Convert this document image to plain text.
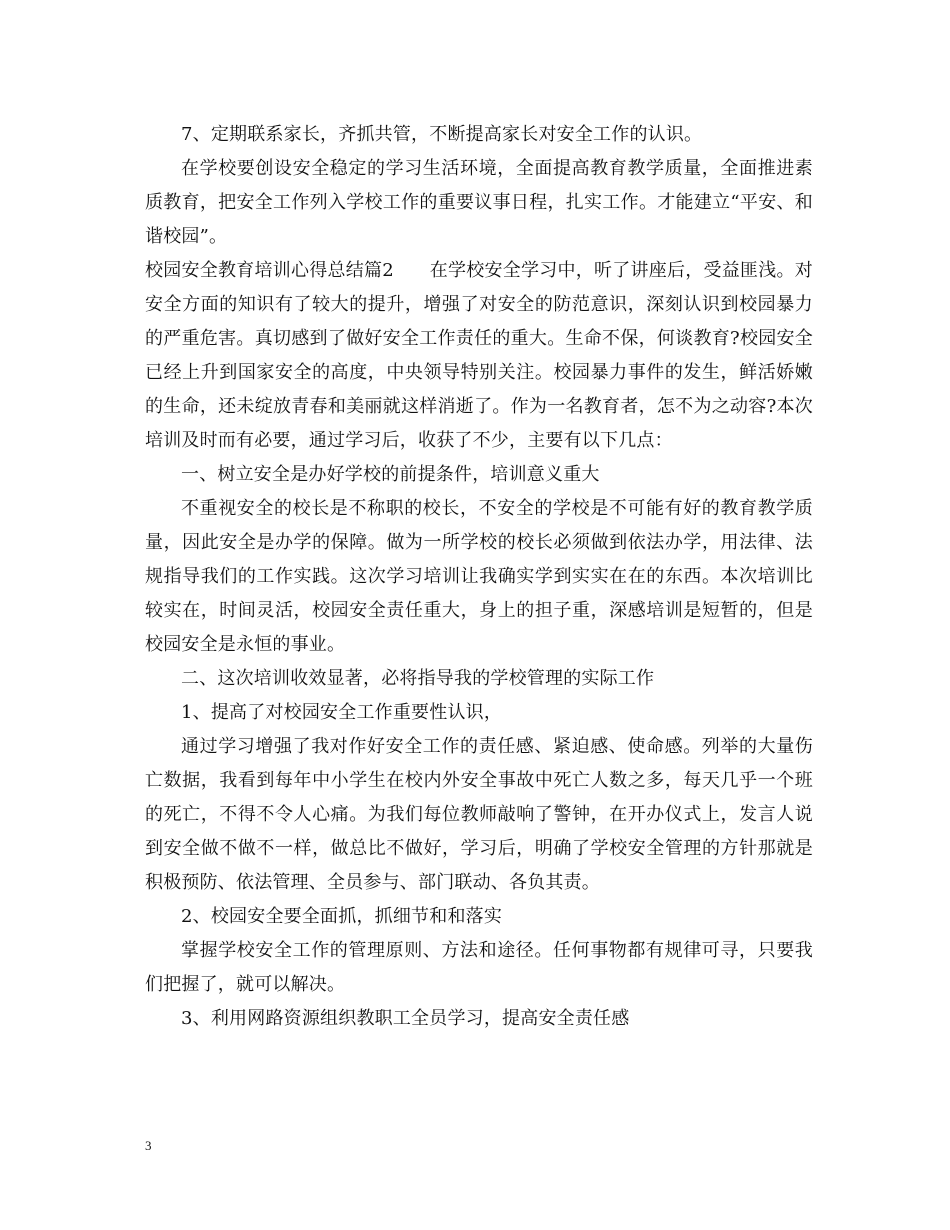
7、定期联系家长，齐抓共管，不断提高家长对安全工作的认识。

在学校要创设安全稳定的学习生活环境，全面提高教育教学质量，全面推进素质教育，把安全工作列入学校工作的重要议事日程，扎实工作。才能建立“平安、和谐校园”。

校园安全教育培训心得总结篇2 在学校安全学习中，听了讲座后，受益匪浅。对安全方面的知识有了较大的提升，增强了对安全的防范意识，深刻认识到校园暴力的严重危害。真切感到了做好安全工作责任的重大。生命不保，何谈教育?校园安全已经上升到国家安全的高度，中央领导特别关注。校园暴力事件的发生，鲜活娇嫩的生命，还未绽放青春和美丽就这样消逝了。作为一名教育者，怎不为之动容?本次培训及时而有必要，通过学习后，收获了不少，主要有以下几点：

一、树立安全是办好学校的前提条件，培训意义重大

不重视安全的校长是不称职的校长，不安全的学校是不可能有好的教育教学质量，因此安全是办学的保障。做为一所学校的校长必须做到依法办学，用法律、法规指导我们的工作实践。这次学习培训让我确实学到实实在在的东西。本次培训比较实在，时间灵活，校园安全责任重大，身上的担子重，深感培训是短暂的，但是校园安全是永恒的事业。

二、这次培训收效显著，必将指导我的学校管理的实际工作

1、提高了对校园安全工作重要性认识，

通过学习增强了我对作好安全工作的责任感、紧迫感、使命感。列举的大量伤亡数据，我看到每年中小学生在校内外安全事故中死亡人数之多，每天几乎一个班的死亡，不得不令人心痛。为我们每位教师敲响了警钟，在开办仪式上，发言人说到安全做不做不一样，做总比不做好，学习后，明确了学校安全管理的方针那就是积极预防、依法管理、全员参与、部门联动、各负其责。

2、校园安全要全面抓，抓细节和和落实

掌握学校安全工作的管理原则、方法和途径。任何事物都有规律可寻，只要我们把握了，就可以解决。

3、利用网路资源组织教职工全员学习，提高安全责任感

3
